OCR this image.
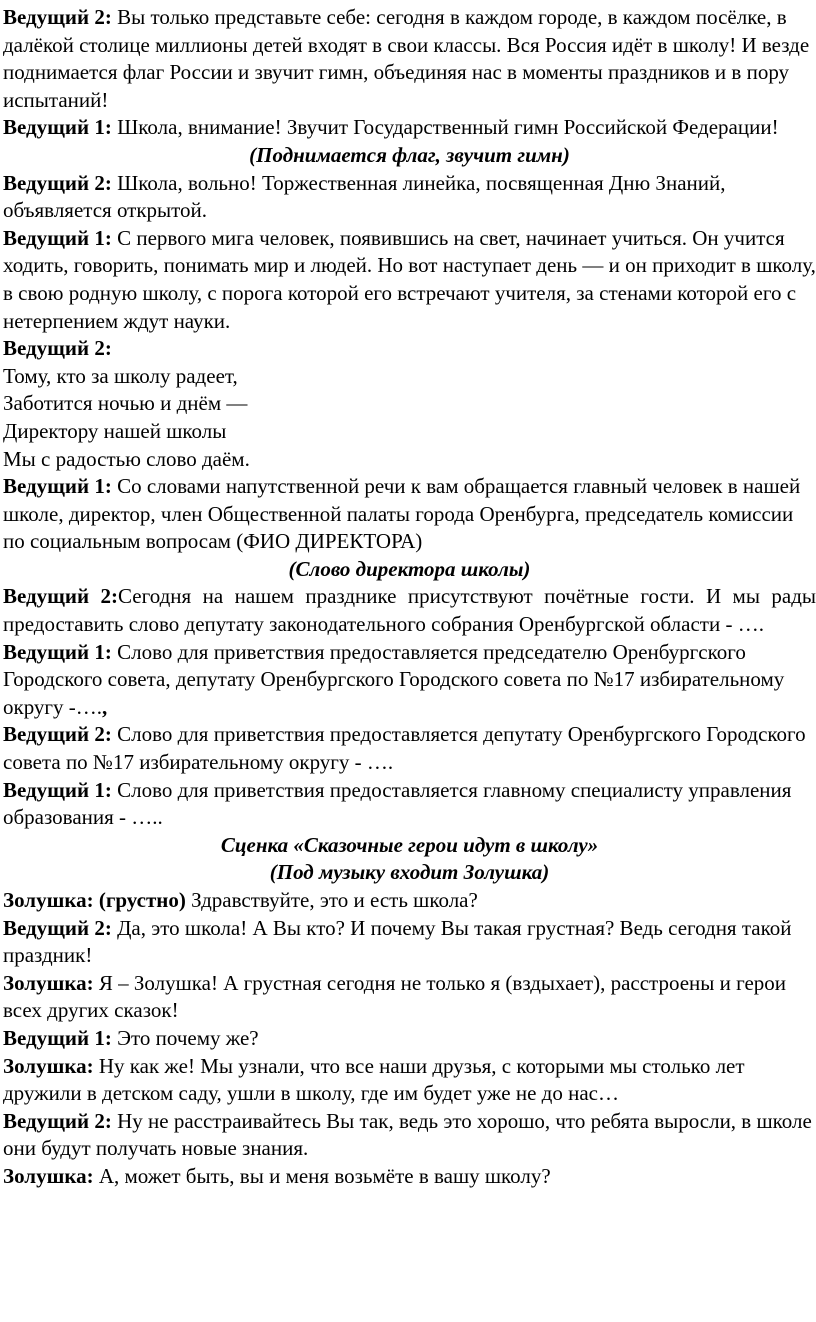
Ведущий 2: Вы только представьте себе: сегодня в каждом городе, в каждом посёлке, в далёкой столице миллионы детей входят в свои классы. Вся Россия идёт в школу! И везде поднимается флаг России и звучит гимн, объединяя нас в моменты праздников и в пору испытаний!

Ведущий 1: Школа, внимание! Звучит Государственный гимн Российской Федерации!

(Поднимается флаг, звучит гимн)

Ведущий 2: Школа, вольно! Торжественная линейка, посвященная Дню Знаний, объявляется открытой.

Ведущий 1: С первого мига человек, появившись на свет, начинает учиться. Он учится ходить, говорить, понимать мир и людей. Но вот наступает день — и он приходит в школу, в свою родную школу, с порога которой его встречают учителя, за стенами которой его с нетерпением ждут науки.

Ведущий 2:

Тому, кто за школу радеет,

Заботится ночью и днём —

Директору нашей школы

Мы с радостью слово даём.

Ведущий 1: Со словами напутственной речи к вам обращается главный человек в нашей школе, директор, член Общественной палаты города Оренбурга, председатель комиссии по социальным вопросам (ФИО ДИРЕКТОРА)

(Слово директора школы)

Ведущий 2:Сегодня на нашем празднике присутствуют почётные гости. И мы рады предоставить слово депутату законодательного собрания Оренбургской области - ….

Ведущий 1: Слово для приветствия предоставляется председателю Оренбургского Городского совета, депутату Оренбургского Городского совета по №17 избирательному округу -….,

Ведущий 2: Слово для приветствия предоставляется депутату Оренбургского Городского совета по №17 избирательному округу - ….

Ведущий 1: Слово для приветствия предоставляется главному специалисту управления образования - …..

Сценка «Сказочные герои идут в школу»

(Под музыку входит Золушка)

Золушка: (грустно) Здравствуйте, это и есть школа?

Ведущий 2: Да, это школа! А Вы кто? И почему Вы такая грустная? Ведь сегодня такой праздник!

Золушка: Я – Золушка! А грустная сегодня не только я (вздыхает), расстроены и герои всех других сказок!

Ведущий 1: Это почему же?

Золушка: Ну как же! Мы узнали, что все наши друзья, с которыми мы столько лет дружили в детском саду, ушли в школу, где им будет уже не до нас…

Ведущий 2: Ну не расстраивайтесь Вы так, ведь это хорошо, что ребята выросли, в школе они будут получать новые знания.

Золушка: А, может быть, вы и меня возьмёте в вашу школу?
